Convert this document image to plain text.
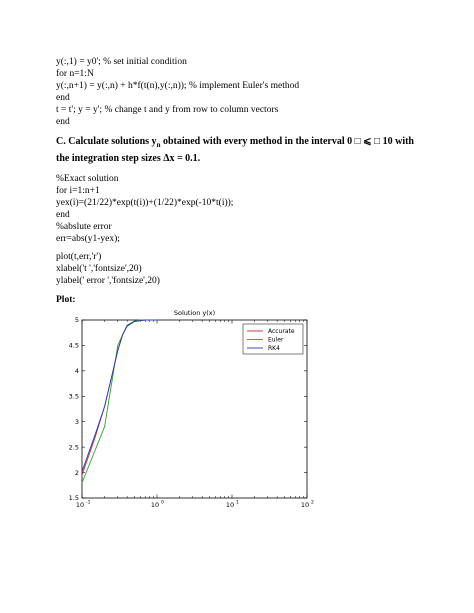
y(:,1) = y0'; % set initial condition
for n=1:N
y(:,n+1) = y(:,n) + h*f(t(n),y(:,n)); % implement Euler's method
end
t = t'; y = y'; % change t and y from row to column vectors
end
C. Calculate solutions $y_n$ obtained with every method in the interval 0 □ ⩽ □ 10 with the integration step sizes Δx = 0.1.
%Exact solution
for i=1:n+1
yex(i)=(21/22)*exp(t(i))+(1/22)*exp(-10*t(i));
end
%abslute error
err=abs(y1-yex);
plot(t,err,'r')
xlabel('t ','fontsize',20)
ylabel(' error ','fontsize',20)
Plot:
Solution y(x)
1.5
2
2.5
3
3.5
4
4.5
5
10 -1	10 0	10 1	10 2
Accurate
Euler
RK4
